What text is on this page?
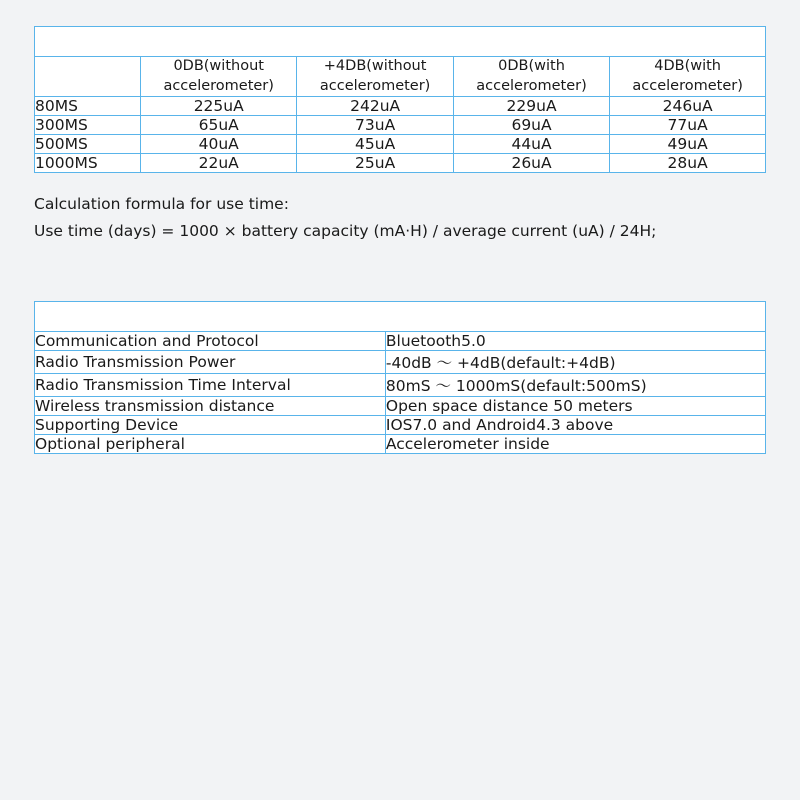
Example of average current data				
	0DB(without accelerometer)	+4DB(without accelerometer)	0DB(with accelerometer)	4DB(with accelerometer)
80MS	225uA	242uA	229uA	246uA
300MS	65uA	73uA	69uA	77uA
500MS	40uA	45uA	44uA	49uA
1000MS	22uA	25uA	26uA	28uA
Calculation formula for use time:
Use time (days) = 1000 × battery capacity (mA·H) / average current (uA) / 24H;
Technical parameters	
Communication and Protocol	Bluetooth5.0
Radio Transmission Power	-40dB ～ +4dB(default:+4dB)
Radio Transmission Time Interval	80mS ～ 1000mS(default:500mS)
Wireless transmission distance	Open space distance 50 meters
Supporting Device	IOS7.0 and Android4.3 above
Optional peripheral	Accelerometer inside
